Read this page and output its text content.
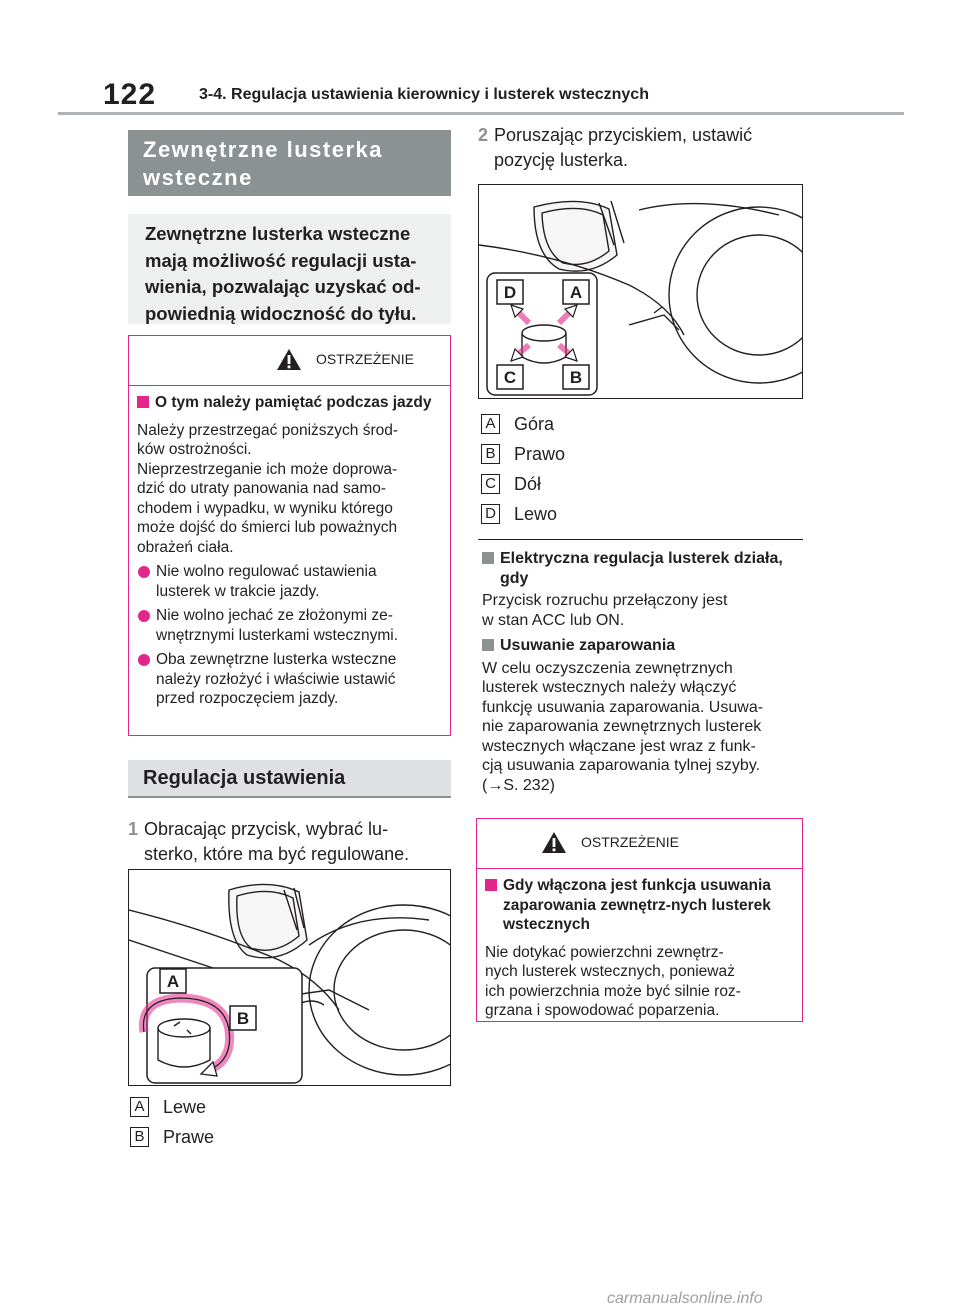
122	3-4. Regulacja ustawienia kierownicy i lusterek wstecznych
Zewnętrzne lusterka wsteczne
Zewnętrzne lusterka wsteczne mają możliwość regulacji usta-wienia, pozwalając uzyskać od-powiednią widoczność do tyłu.
OSTRZEŻENIE
O tym należy pamiętać podczas jazdy
Należy przestrzegać poniższych środ-
ków ostrożności.
Nieprzestrzeganie ich może doprowa-
dzić do utraty panowania nad samo-
chodem i wypadku, w wyniku którego
może dojść do śmierci lub poważnych
obrażeń ciała.
Nie wolno regulować ustawienia
lusterek w trakcie jazdy.
Nie wolno jechać ze złożonymi ze-
wnętrznymi lusterkami wstecznymi.
Oba zewnętrzne lusterka wsteczne
należy rozłożyć i właściwie ustawić
przed rozpoczęciem jazdy.
Regulacja ustawienia
1 Obracając przycisk, wybrać lu-
sterko, które ma być regulowane.
A
B
A Lewe
B Prawe
2 Poruszając przyciskiem, ustawić
pozycję lusterka.
D	A
C	B
A Góra
B Prawo
C Dół
D Lewo
Elektryczna regulacja lusterek działa, gdy
Przycisk rozruchu przełączony jest
w stan ACC lub ON.
Usuwanie zaparowania
W celu oczyszczenia zewnętrznych
lusterek wstecznych należy włączyć
funkcję usuwania zaparowania. Usuwa-
nie zaparowania zewnętrznych lusterek
wstecznych włączane jest wraz z funk-
cją usuwania zaparowania tylnej szyby.
(→S. 232)
OSTRZEŻENIE
Gdy włączona jest funkcja usuwania zaparowania zewnętrz-nych lusterek wstecznych
Nie dotykać powierzchni zewnętrz-
nych lusterek wstecznych, ponieważ
ich powierzchnia może być silnie roz-
grzana i spowodować poparzenia.
carmanualsonline.info
